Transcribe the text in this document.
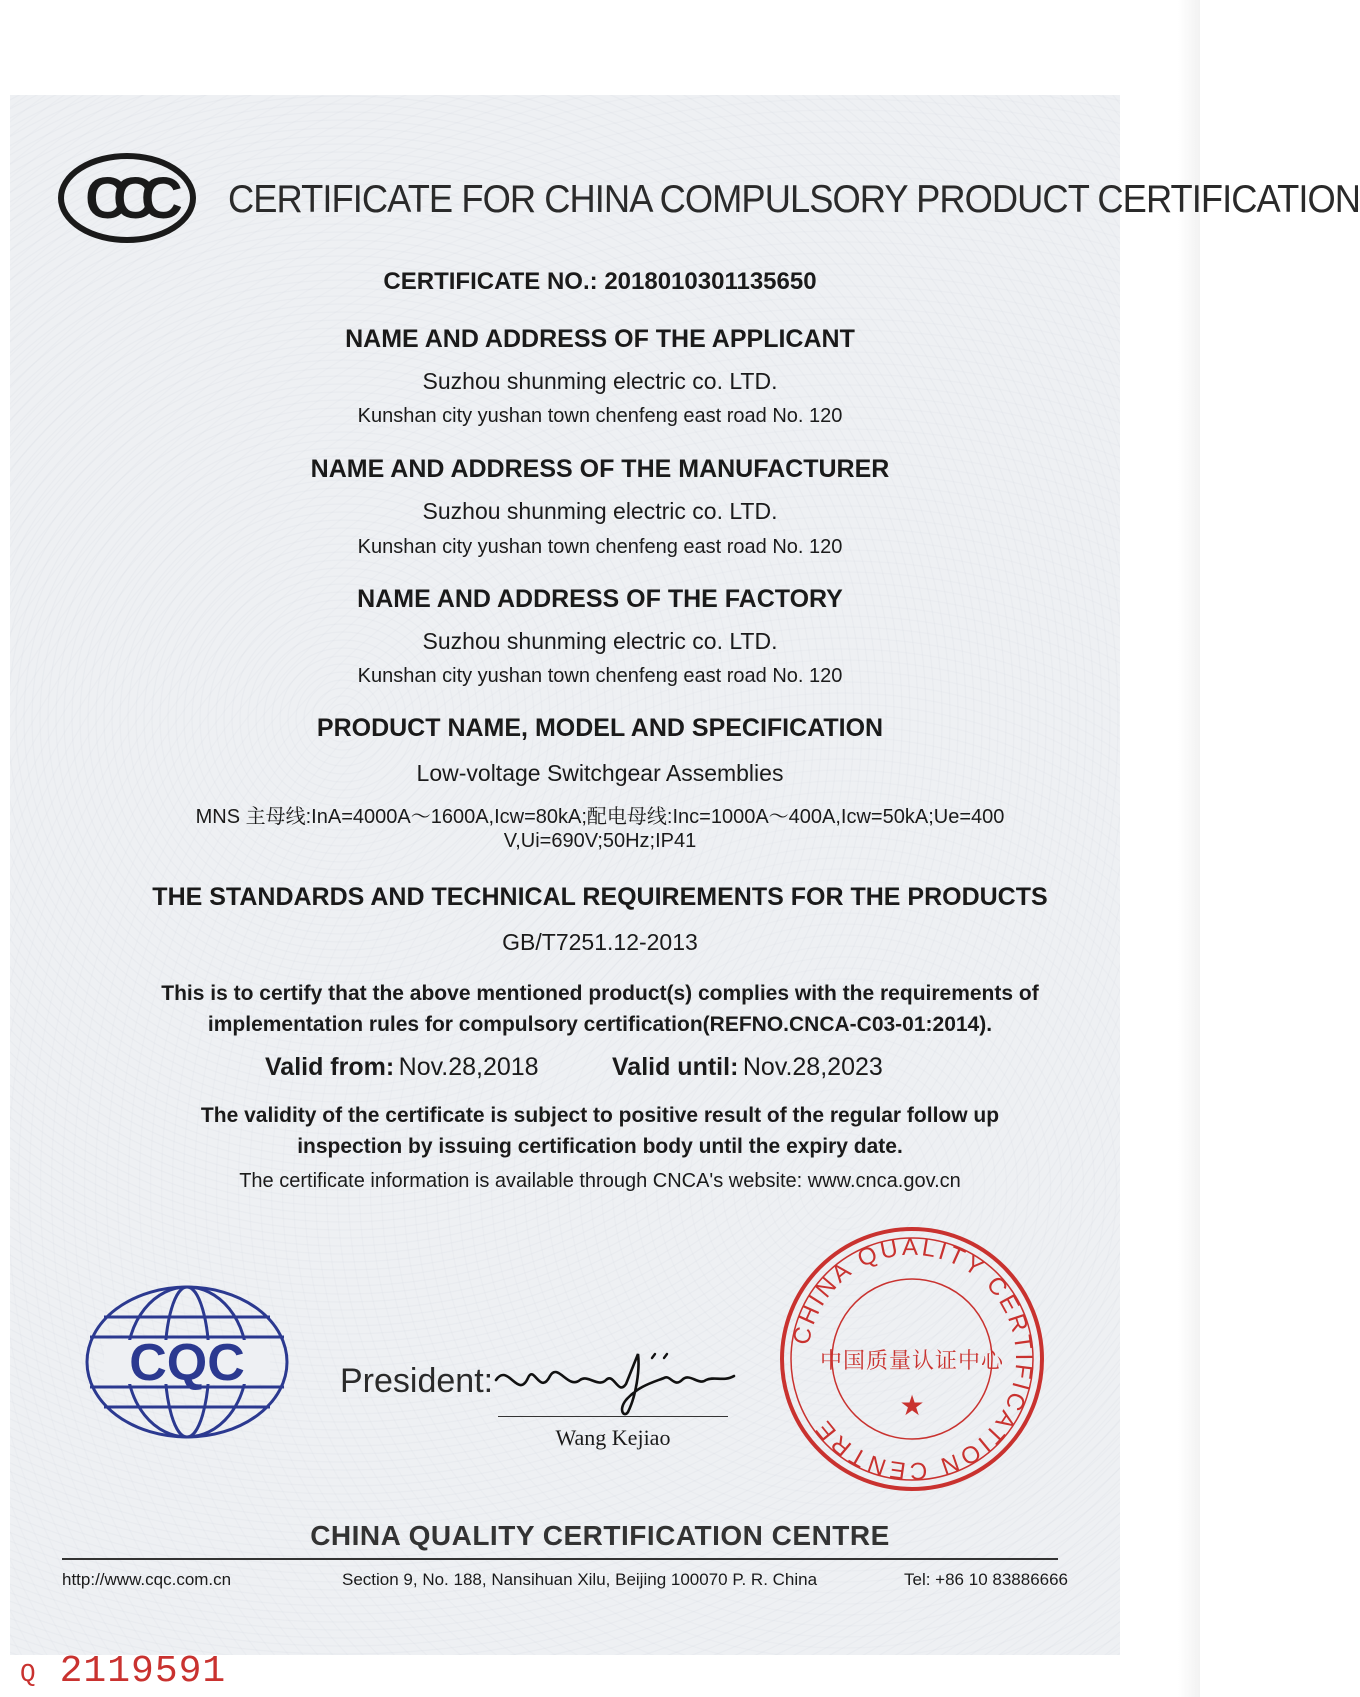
CCC	CERTIFICATE FOR CHINA COMPULSORY PRODUCT CERTIFICATION
CERTIFICATE NO.: 2018010301135650
NAME AND ADDRESS OF THE APPLICANT
Suzhou shunming electric co. LTD.
Kunshan city yushan town chenfeng east road No. 120
NAME AND ADDRESS OF THE MANUFACTURER
Suzhou shunming electric co. LTD.
Kunshan city yushan town chenfeng east road No. 120
NAME AND ADDRESS OF THE FACTORY
Suzhou shunming electric co. LTD.
Kunshan city yushan town chenfeng east road No. 120
PRODUCT NAME, MODEL AND SPECIFICATION
Low-voltage Switchgear Assemblies
MNS 主母线:InA=4000A～1600A,Icw=80kA;配电母线:Inc=1000A～400A,Icw=50kA;Ue=400
V,Ui=690V;50Hz;IP41
THE STANDARDS AND TECHNICAL REQUIREMENTS FOR THE PRODUCTS
GB/T7251.12-2013
This is to certify that the above mentioned product(s) complies with the requirements of
implementation rules for compulsory certification(REFNO.CNCA-C03-01:2014).
Valid from: Nov.28,2018	Valid until: Nov.28,2023
The validity of the certificate is subject to positive result of the regular follow up
inspection by issuing certification body until the expiry date.
The certificate information is available through CNCA's website: www.cnca.gov.cn
CQC	President:
Wang Kejiao
CHINA QUALITY CERTIFICATION CENTRE
中国质量认证中心
★
CHINA QUALITY CERTIFICATION CENTRE
http://www.cqc.com.cn	Section 9, No. 188, Nansihuan Xilu, Beijing 100070 P. R. China	Tel: +86 10 83886666
Q 2119591
